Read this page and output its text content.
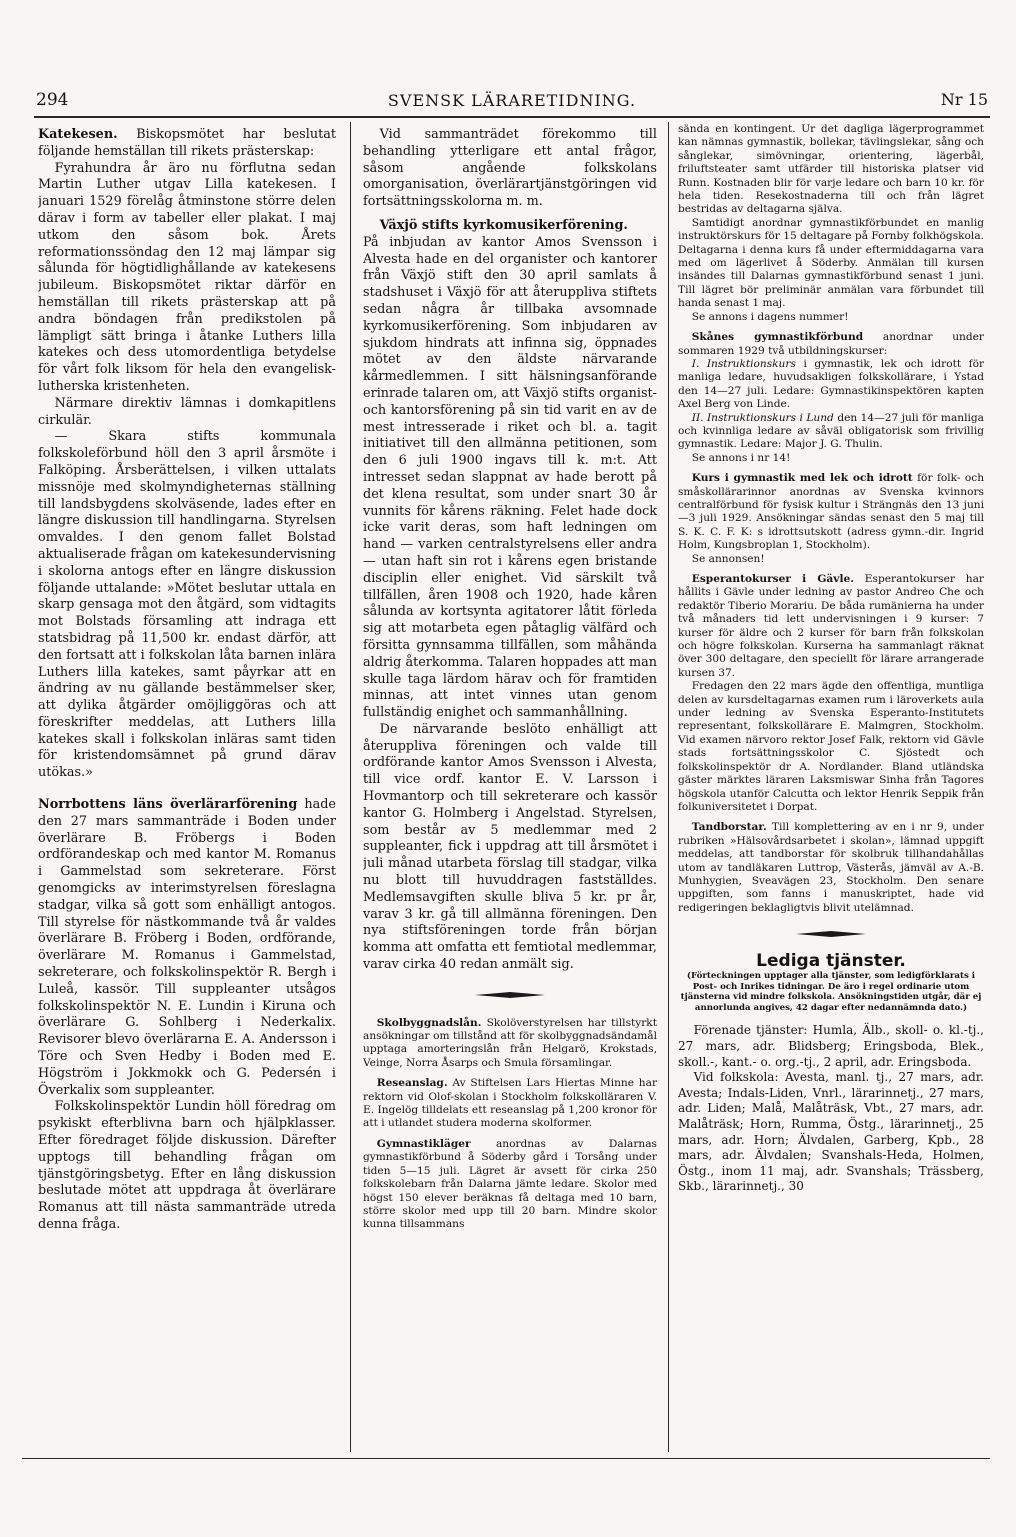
294	SVENSK LÄRARETIDNING.	Nr 15

Katekesen. Biskopsmötet har beslutat följande hemställan till rikets prästerskap:

Fyrahundra år äro nu förflutna sedan Martin Luther utgav Lilla katekesen. I januari 1529 förelåg åtminstone större delen därav i form av tabeller eller plakat. I maj utkom den såsom bok. Årets reformationssöndag den 12 maj lämpar sig sålunda för högtidlighållande av katekesens jubileum. Biskopsmötet riktar därför en hemställan till rikets prästerskap att på andra böndagen från predikstolen på lämpligt sätt bringa i åtanke Luthers lilla katekes och dess utomordentliga betydelse för vårt folk liksom för hela den evangelisk-lutherska kristenheten.

Närmare direktiv lämnas i domkapitlens cirkulär.

— Skara stifts kommunala folkskoleförbund höll den 3 april årsmöte i Falköping. Årsberättelsen, i vilken uttalats missnöje med skolmyndigheternas ställning till landsbygdens skolväsende, lades efter en längre diskussion till handlingarna. Styrelsen omvaldes. I den genom fallet Bolstad aktualiserade frågan om katekesundervisning i skolorna antogs efter en längre diskussion följande uttalande: »Mötet beslutar uttala en skarp gensaga mot den åtgärd, som vidtagits mot Bolstads församling att indraga ett statsbidrag på 11,500 kr. endast därför, att den fortsatt att i folkskolan låta barnen inlära Luthers lilla katekes, samt påyrkar att en ändring av nu gällande bestämmelser sker, att dylika åtgärder omöjliggöras och att föreskrifter meddelas, att Luthers lilla katekes skall i folkskolan inläras samt tiden för kristendomsämnet på grund därav utökas.»

Norrbottens läns överlärarförening hade den 27 mars sammanträde i Boden under överlärare B. Fröbergs i Boden ordförandeskap och med kantor M. Romanus i Gammelstad som sekreterare. Först genomgicks av interimstyrelsen föreslagna stadgar, vilka så gott som enhälligt antogos. Till styrelse för nästkommande två år valdes överlärare B. Fröberg i Boden, ordförande, överlärare M. Romanus i Gammelstad, sekreterare, och folkskolinspektör R. Bergh i Luleå, kassör. Till suppleanter utsågos folkskolinspektör N. E. Lundin i Kiruna och överlärare G. Sohlberg i Nederkalix. Revisorer blevo överlärarna E. A. Andersson i Töre och Sven Hedby i Boden med E. Högström i Jokkmokk och G. Pedersén i Överkalix som suppleanter.

Folkskolinspektör Lundin höll föredrag om psykiskt efterblivna barn och hjälpklasser. Efter föredraget följde diskussion. Därefter upptogs till behandling frågan om tjänstgöringsbetyg. Efter en lång diskussion beslutade mötet att uppdraga åt överlärare Romanus att till nästa sammanträde utreda denna fråga.

Vid sammanträdet förekommo till behandling ytterligare ett antal frågor, såsom angående folkskolans omorganisation, överlärartjänstgöringen vid fortsättningsskolorna m. m.

Växjö stifts kyrkomusikerförening.

På inbjudan av kantor Amos Svensson i Alvesta hade en del organister och kantorer från Växjö stift den 30 april samlats å stadshuset i Växjö för att återuppliva stiftets sedan några år tillbaka avsomnade kyrkomusikerförening. Som inbjudaren av sjukdom hindrats att infinna sig, öppnades mötet av den äldste närvarande kårmedlemmen. I sitt hälsningsanförande erinrade talaren om, att Växjö stifts organist- och kantorsförening på sin tid varit en av de mest intresserade i riket och bl. a. tagit initiativet till den allmänna petitionen, som den 6 juli 1900 ingavs till k. m:t. Att intresset sedan slappnat av hade berott på det klena resultat, som under snart 30 år vunnits för kårens räkning. Felet hade dock icke varit deras, som haft ledningen om hand — varken centralstyrelsens eller andra — utan haft sin rot i kårens egen bristande disciplin eller enighet. Vid särskilt två tillfällen, åren 1908 och 1920, hade kåren sålunda av kortsynta agitatorer låtit förleda sig att motarbeta egen påtaglig välfärd och försitta gynnsamma tillfällen, som måhända aldrig återkomma. Talaren hoppades att man skulle taga lärdom härav och för framtiden minnas, att intet vinnes utan genom fullständig enighet och sammanhållning.

De närvarande beslöto enhälligt att återuppliva föreningen och valde till ordförande kantor Amos Svensson i Alvesta, till vice ordf. kantor E. V. Larsson i Hovmantorp och till sekreterare och kassör kantor G. Holmberg i Angelstad. Styrelsen, som består av 5 medlemmar med 2 suppleanter, fick i uppdrag att till årsmötet i juli månad utarbeta förslag till stadgar, vilka nu blott till huvuddragen fastställdes. Medlemsavgiften skulle bliva 5 kr. pr år, varav 3 kr. gå till allmänna föreningen. Den nya stiftsföreningen torde från början komma att omfatta ett femtiotal medlemmar, varav cirka 40 redan anmält sig.

Skolbyggnadslån. Skolöverstyrelsen har tillstyrkt ansökningar om tillstånd att för skolbyggnadsändamål upptaga amorteringslån från Helgarö, Krokstads, Veinge, Norra Åsarps och Smula församlingar.

Reseanslag. Av Stiftelsen Lars Hiertas Minne har rektorn vid Olof-skolan i Stockholm folkskolläraren V. E. Ingelög tilldelats ett reseanslag på 1,200 kronor för att i utlandet studera moderna skolformer.

Gymnastikläger anordnas av Dalarnas gymnastikförbund å Söderby gård i Torsång under tiden 5—15 juli. Lägret är avsett för cirka 250 folkskolebarn från Dalarna jämte ledare. Skolor med högst 150 elever beräknas få deltaga med 10 barn, större skolor med upp till 20 barn. Mindre skolor kunna tillsammans

sända en kontingent. Ur det dagliga lägerprogrammet kan nämnas gymnastik, bollekar, tävlingslekar, sång och sånglekar, simövningar, orientering, lägerbål, friluftsteater samt utfärder till historiska platser vid Runn. Kostnaden blir för varje ledare och barn 10 kr. för hela tiden. Resekostnaderna till och från lägret bestridas av deltagarna själva.

Samtidigt anordnar gymnastikförbundet en manlig instruktörskurs för 15 deltagare på Fornby folkhögskola. Deltagarna i denna kurs få under eftermiddagarna vara med om lägerlivet å Söderby. Anmälan till kursen insändes till Dalarnas gymnastikförbund senast 1 juni. Till lägret bör preliminär anmälan vara förbundet till handa senast 1 maj.

Se annons i dagens nummer!

Skånes gymnastikförbund anordnar under sommaren 1929 två utbildningskurser:

I. Instruktionskurs i gymnastik, lek och idrott för manliga ledare, huvudsakligen folkskollärare, i Ystad den 14—27 juli. Ledare: Gymnastikinspektören kapten Axel Berg von Linde.

II. Instruktionskurs i Lund den 14—27 juli för manliga och kvinnliga ledare av såväl obligatorisk som frivillig gymnastik. Ledare: Major J. G. Thulin.

Se annons i nr 14!

Kurs i gymnastik med lek och idrott för folk- och småskollärarinnor anordnas av Svenska kvinnors centralförbund för fysisk kultur i Strängnäs den 13 juni—3 juli 1929. Ansökningar sändas senast den 5 maj till S. K. C. F. K: s idrottsutskott (adress gymn.-dir. Ingrid Holm, Kungsbroplan 1, Stockholm).

Se annonsen!

Esperantokurser i Gävle. Esperantokurser har hållits i Gävle under ledning av pastor Andreo Che och redaktör Tiberio Morariu. De båda rumänierna ha under två månaders tid lett undervisningen i 9 kurser: 7 kurser för äldre och 2 kurser för barn från folkskolan och högre folkskolan. Kurserna ha sammanlagt räknat över 300 deltagare, den speciellt för lärare arrangerade kursen 37.

Fredagen den 22 mars ägde den offentliga, muntliga delen av kursdeltagarnas examen rum i läroverkets aula under ledning av Svenska Esperanto-Institutets representant, folkskollärare E. Malmgren, Stockholm. Vid examen närvoro rektor Josef Falk, rektorn vid Gävle stads fortsättningsskolor C. Sjöstedt och folkskolinspektör dr A. Nordlander. Bland utländska gäster märktes läraren Laksmiswar Sinha från Tagores högskola utanför Calcutta och lektor Henrik Seppik från folkuniversitetet i Dorpat.

Tandborstar. Till komplettering av en i nr 9, under rubriken »Hälsovårdsarbetet i skolan», lämnad uppgift meddelas, att tandborstar för skolbruk tillhandahållas utom av tandläkaren Luttrop, Västerås, jämväl av A.-B. Munhygien, Sveavägen 23, Stockholm. Den senare uppgiften, som fanns i manuskriptet, hade vid redigeringen beklagligtvis blivit utelämnad.

Lediga tjänster.
(Förteckningen upptager alla tjänster, som ledigförklarats i Post- och Inrikes tidningar. De äro i regel ordinarie utom tjänsterna vid mindre folkskola. Ansökningstiden utgår, där ej annorlunda angives, 42 dagar efter nedannämnda dato.)

Förenade tjänster: Humla, Älb., skoll- o. kl.-tj., 27 mars, adr. Blidsberg; Eringsboda, Blek., skoll.-, kant.- o. org.-tj., 2 april, adr. Eringsboda.

Vid folkskola: Avesta, manl. tj., 27 mars, adr. Avesta; Indals-Liden, Vnrl., lärarinnetj., 27 mars, adr. Liden; Malå, Malåträsk, Vbt., 27 mars, adr. Malåträsk; Horn, Rumma, Östg., lärarinnetj., 25 mars, adr. Horn; Älvdalen, Garberg, Kpb., 28 mars, adr. Älvdalen; Svanshals-Heda, Holmen, Östg., inom 11 maj, adr. Svanshals; Trässberg, Skb., lärarinnetj., 30
